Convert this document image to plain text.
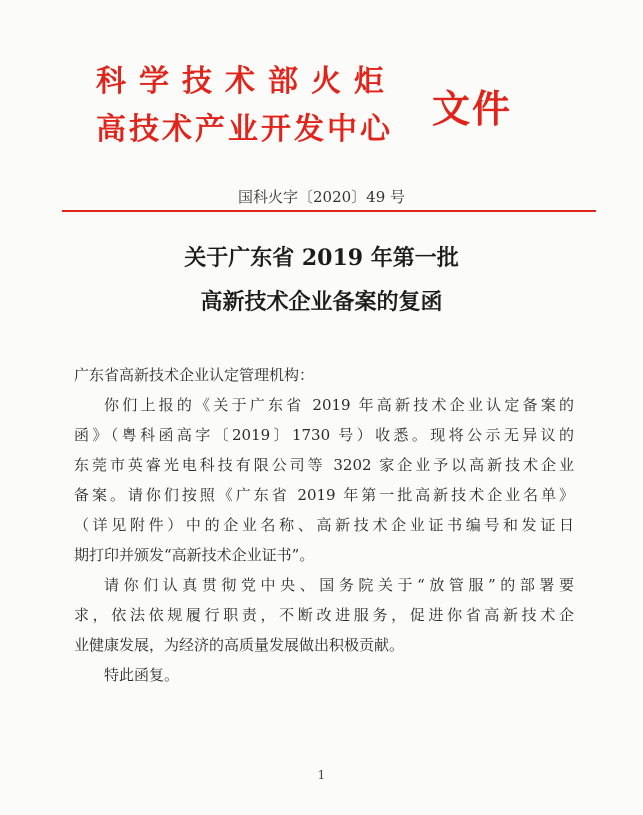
科学技术部火炬
高技术产业开发中心	文件
国科火字〔2020〕49 号
关于广东省 2019 年第一批
高新技术企业备案的复函
广东省高新技术企业认定管理机构：
你们上报的《关于广东省 2019 年高新技术企业认定备案的
函》（粤科函高字〔2019〕1730 号）收悉。现将公示无异议的
东莞市英睿光电科技有限公司等 3202 家企业予以高新技术企业
备案。请你们按照《广东省 2019 年第一批高新技术企业名单》
（详见附件）中的企业名称、高新技术企业证书编号和发证日
期打印并颁发“高新技术企业证书”。
请你们认真贯彻党中央、国务院关于“放管服”的部署要
求，依法依规履行职责，不断改进服务，促进你省高新技术企
业健康发展，为经济的高质量发展做出积极贡献。
特此函复。
1
